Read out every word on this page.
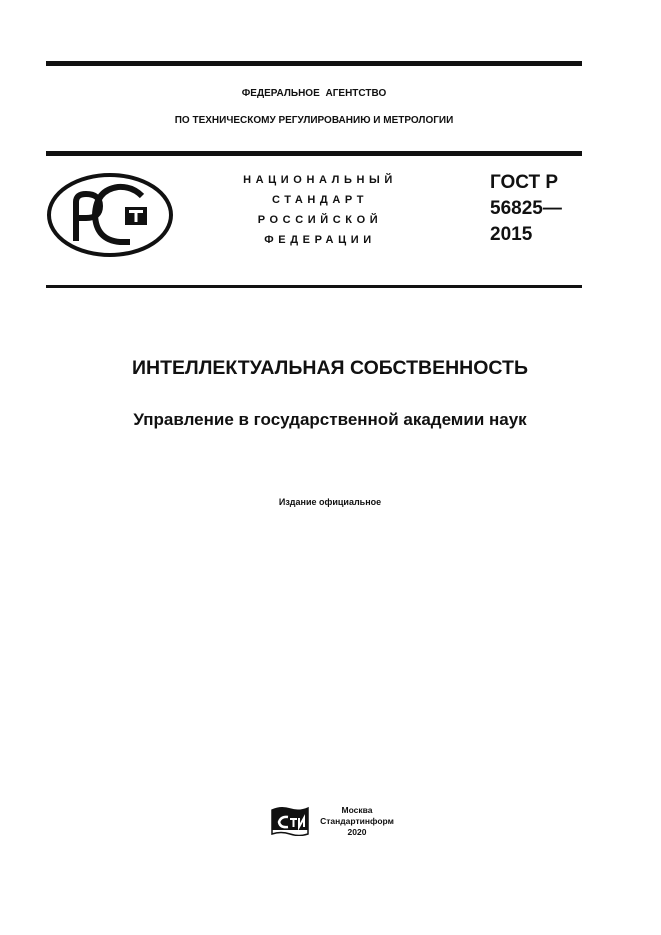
ФЕДЕРАЛЬНОЕ АГЕНТСТВО
ПО ТЕХНИЧЕСКОМУ РЕГУЛИРОВАНИЮ И МЕТРОЛОГИИ
НАЦИОНАЛЬНЫЙ
СТАНДАРТ
РОССИЙСКОЙ
ФЕДЕРАЦИИ
ГОСТ Р
56825—
2015
ИНТЕЛЛЕКТУАЛЬНАЯ СОБСТВЕННОСТЬ
Управление в государственной академии наук
Издание официальное
Москва
Стандартинформ
2020
